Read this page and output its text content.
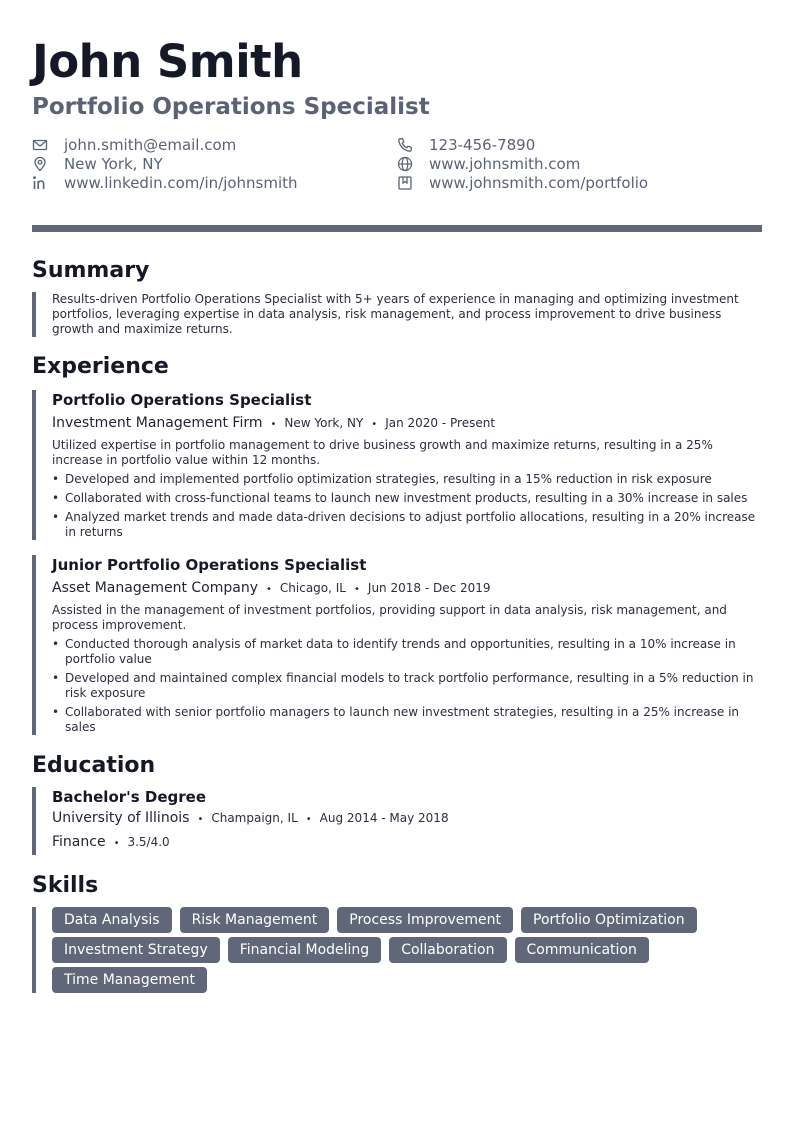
John Smith
Portfolio Operations Specialist
john.smith@email.com	123-456-7890
New York, NY	www.johnsmith.com
www.linkedin.com/in/johnsmith	www.johnsmith.com/portfolio
Summary
Results-driven Portfolio Operations Specialist with 5+ years of experience in managing and optimizing investment portfolios, leveraging expertise in data analysis, risk management, and process improvement to drive business growth and maximize returns.
Experience
Portfolio Operations Specialist
Investment Management Firm • New York, NY • Jan 2020 - Present
Utilized expertise in portfolio management to drive business growth and maximize returns, resulting in a 25% increase in portfolio value within 12 months.
• Developed and implemented portfolio optimization strategies, resulting in a 15% reduction in risk exposure
• Collaborated with cross-functional teams to launch new investment products, resulting in a 30% increase in sales
• Analyzed market trends and made data-driven decisions to adjust portfolio allocations, resulting in a 20% increase in returns
Junior Portfolio Operations Specialist
Asset Management Company • Chicago, IL • Jun 2018 - Dec 2019
Assisted in the management of investment portfolios, providing support in data analysis, risk management, and process improvement.
• Conducted thorough analysis of market data to identify trends and opportunities, resulting in a 10% increase in portfolio value
• Developed and maintained complex financial models to track portfolio performance, resulting in a 5% reduction in risk exposure
• Collaborated with senior portfolio managers to launch new investment strategies, resulting in a 25% increase in sales
Education
Bachelor's Degree
University of Illinois • Champaign, IL • Aug 2014 - May 2018
Finance • 3.5/4.0
Skills
Data Analysis	Risk Management	Process Improvement	Portfolio Optimization
Investment Strategy	Financial Modeling	Collaboration	Communication
Time Management
